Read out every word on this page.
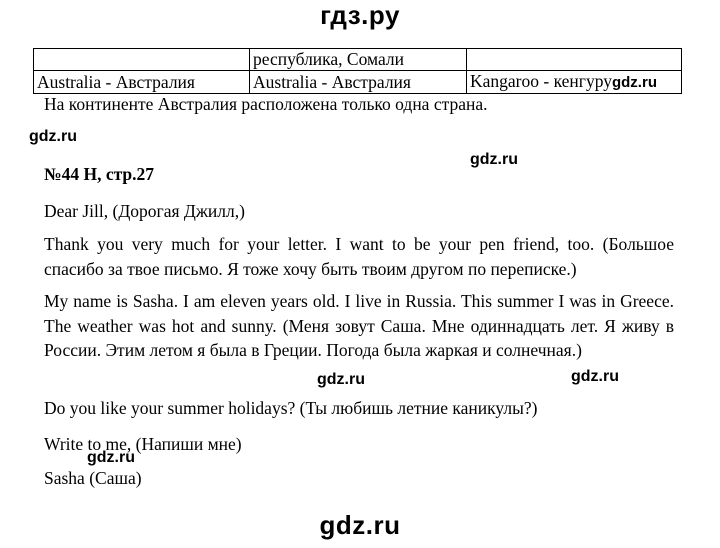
гдз.ру
	республика, Сомали	
Australia - Австралия	Australia - Австралия	Kangaroo - кенгуруgdz.ru
На континенте Австралия расположена только одна страна.
gdz.ru
gdz.ru
№44 H, стр.27
Dear Jill, (Дорогая Джилл,)
Thank you very much for your letter. I want to be your pen friend, too. (Большое спасибо за твое письмо. Я тоже хочу быть твоим другом по переписке.)
My name is Sasha. I am eleven years old. I live in Russia. This summer I was in Greece. The weather was hot and sunny. (Меня зовут Саша. Мне одиннадцать лет. Я живу в России. Этим летом я была в Греции. Погода была жаркая и солнечная.)
gdz.ru	gdz.ru
Do you like your summer holidays? (Ты любишь летние каникулы?)
Write to me, (Напиши мне)
gdz.ru
Sasha (Саша)
gdz.ru
